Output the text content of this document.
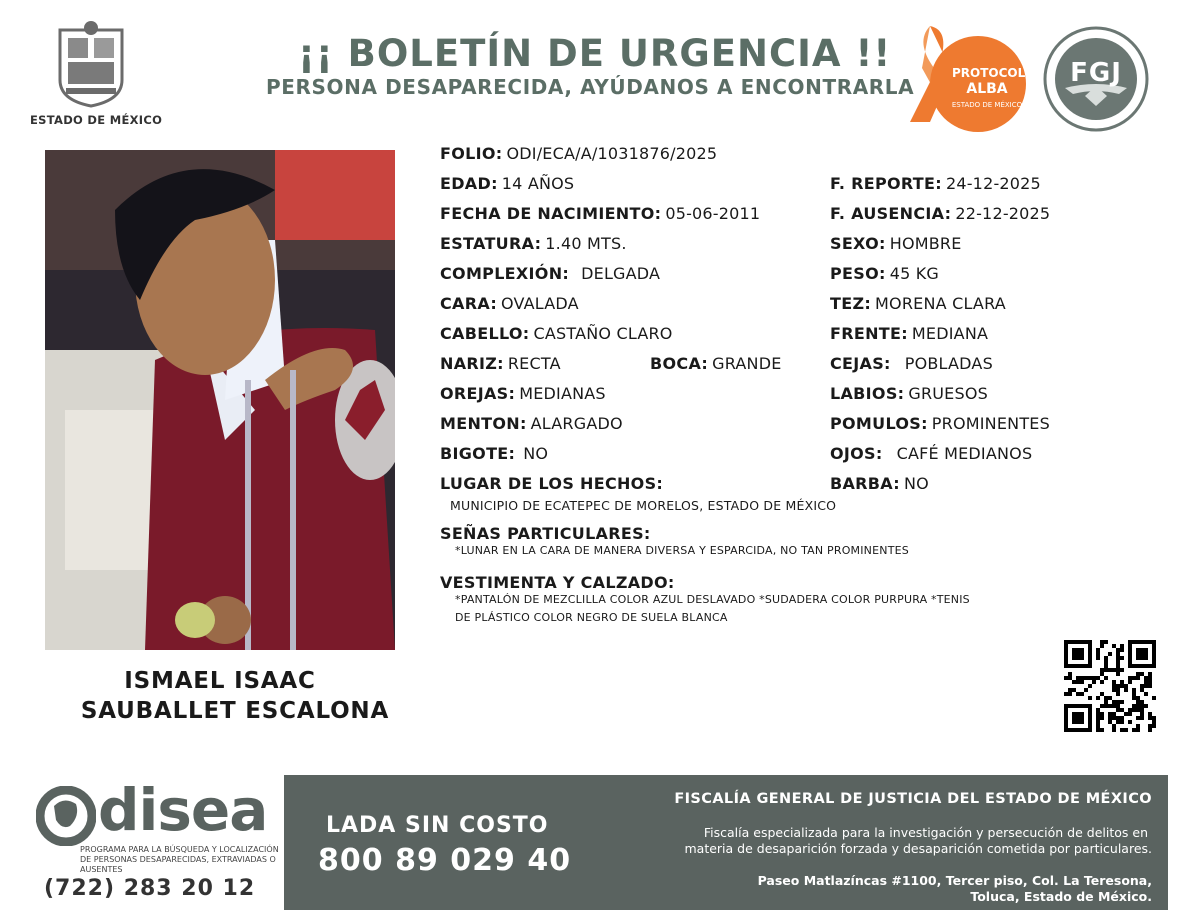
ESTADO DE MÉXICO
¡¡ BOLETÍN DE URGENCIA !!
PERSONA DESAPARECIDA, AYÚDANOS A ENCONTRARLA
PROTOCOLO
ALBA
ESTADO DE MÉXICO
FGJ
ISMAEL ISAAC
SAUBALLET ESCALONA
FOLIO: ODI/ECA/A/1031876/2025
EDAD: 14 AÑOS	F. REPORTE: 24-12-2025
FECHA DE NACIMIENTO: 05-06-2011	F. AUSENCIA: 22-12-2025
ESTATURA: 1.40 MTS.	SEXO: HOMBRE
COMPLEXIÓN: DELGADA	PESO: 45 KG
CARA: OVALADA	TEZ: MORENA CLARA
CABELLO: CASTAÑO CLARO	FRENTE: MEDIANA
NARIZ: RECTA	BOCA: GRANDE	CEJAS: POBLADAS
OREJAS: MEDIANAS	LABIOS: GRUESOS
MENTON: ALARGADO	POMULOS: PROMINENTES
BIGOTE: NO	OJOS: CAFÉ MEDIANOS
LUGAR DE LOS HECHOS:	BARBA: NO
MUNICIPIO DE ECATEPEC DE MORELOS, ESTADO DE MÉXICO
SEÑAS PARTICULARES:
*LUNAR EN LA CARA DE MANERA DIVERSA Y ESPARCIDA, NO TAN PROMINENTES
VESTIMENTA Y CALZADO:
*PANTALÓN DE MEZCLILLA COLOR AZUL DESLAVADO *SUDADERA COLOR PURPURA *TENIS
DE PLÁSTICO COLOR NEGRO DE SUELA BLANCA
disea
PROGRAMA PARA LA BÚSQUEDA Y LOCALIZACIÓN
DE PERSONAS DESAPARECIDAS, EXTRAVIADAS O
AUSENTES
(722) 283 20 12
LADA SIN COSTO
800 89 029 40
FISCALÍA GENERAL DE JUSTICIA DEL ESTADO DE MÉXICO
Fiscalía especializada para la investigación y persecución de delitos en
materia de desaparición forzada y desaparición cometida por particulares.
Paseo Matlazíncas #1100, Tercer piso, Col. La Teresona,
Toluca, Estado de México.
